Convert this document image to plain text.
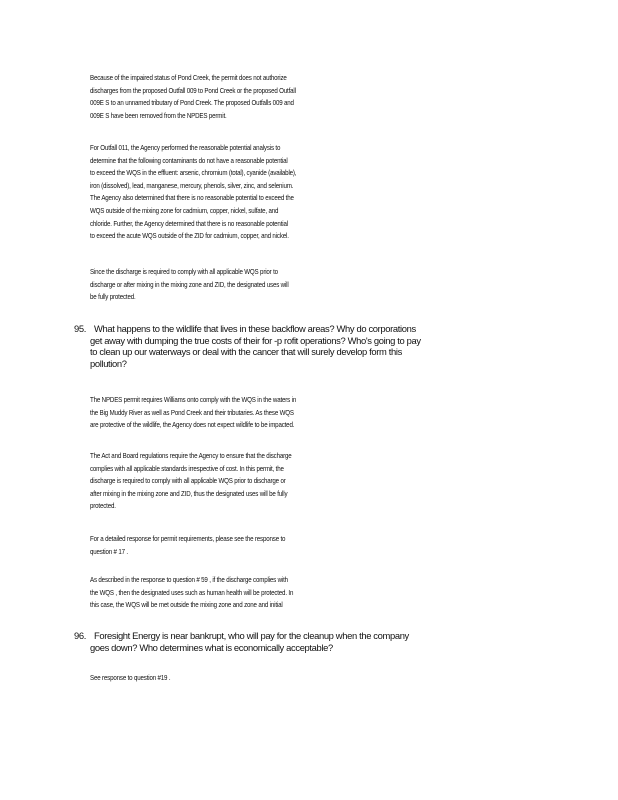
Because of the impaired status of Pond Creek, the permit does not authorize
discharges from the proposed Outfall 009 to Pond Creek or the proposed Outfall
009E S to an unnamed tributary of Pond Creek. The proposed Outfalls 009 and
009E S have been removed from the NPDES permit.
For Outfall 011, the Agency performed the reasonable potential analysis to
determine that the following contaminants do not have a reasonable potential
to exceed the WQS in the effluent: arsenic, chromium (total), cyanide (available),
iron (dissolved), lead, manganese, mercury, phenols, silver, zinc, and selenium.
The Agency also determined that there is no reasonable potential to exceed the
WQS outside of the mixing zone for cadmium, copper, nickel, sulfate, and
chloride. Further, the Agency determined that there is no reasonable potential
to exceed the acute WQS outside of the ZID for cadmium, copper, and nickel.
Since the discharge is required to comply with all applicable WQS prior to
discharge or after mixing in the mixing zone and ZID, the designated uses will
be fully protected.
95. What happens to the wildlife that lives in these backflow areas? Why do corporations
get away with dumping the true costs of their for -p rofit operations? Who's going to pay
to clean up our waterways or deal with the cancer that will surely develop form this
pollution?
The NPDES permit requires Williams onto comply with the WQS in the waters in
the Big Muddy River as well as Pond Creek and their tributaries. As these WQS
are protective of the wildlife, the Agency does not expect wildlife to be impacted.
The Act and Board regulations require the Agency to ensure that the discharge
complies with all applicable standards irrespective of cost. In this permit, the
discharge is required to comply with all applicable WQS prior to discharge or
after mixing in the mixing zone and ZID, thus the designated uses will be fully
protected.
For a detailed response for permit requirements, please see the response to
question # 17 .
As described in the response to question # 59 , if the discharge complies with
the WQS , then the designated uses such as human health will be protected. In
this case, the WQS will be met outside the mixing zone and zone and initial
96. Foresight Energy is near bankrupt, who will pay for the cleanup when the company
goes down? Who determines what is economically acceptable?
See response to question #19 .
